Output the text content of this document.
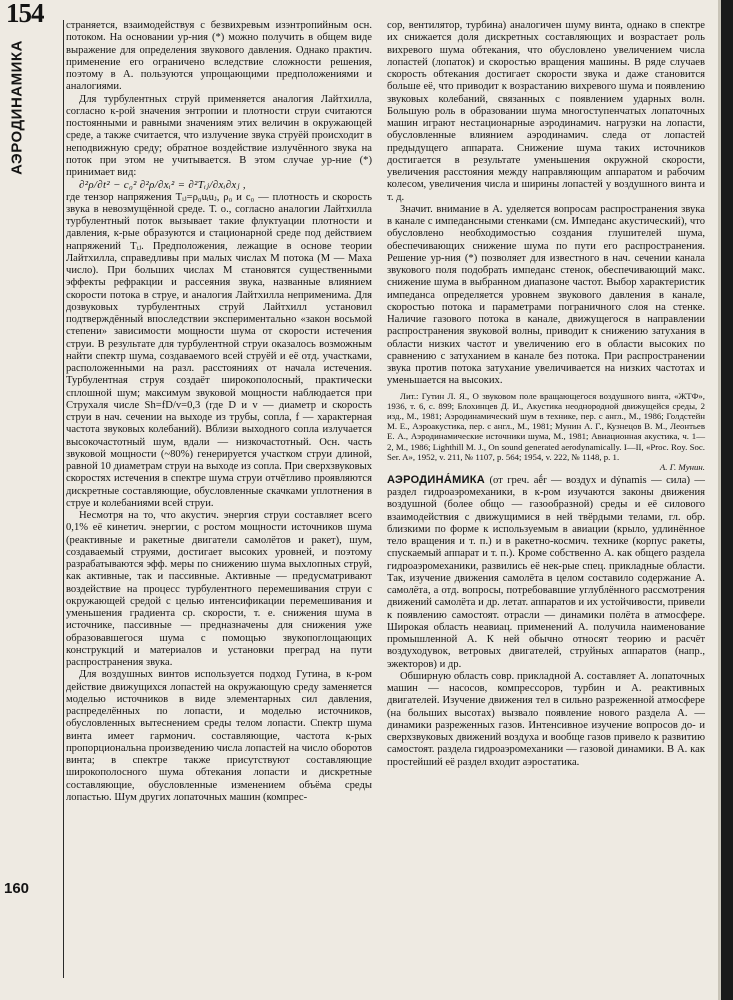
154
АЭРОДИНАМИКА
160

страняется, взаимодействуя с безвихревым изэнтропийным осн. потоком. На основании ур-ния (*) можно получить в общем виде выражение для определения звукового давления. Однако практич. применение его ограничено вследствие сложности решения, поэтому в А. пользуются упрощающими предположениями и аналогиями.

Для турбулентных струй применяется аналогия Лайтхилла, согласно к-рой значения энтропии и плотности струи считаются постоянными и равными значениям этих величин в окружающей среде, а также считается, что излучение звука струёй происходит в неподвижную среду; обратное воздействие излучённого звука на поток при этом не учитывается. В этом случае ур-ние (*) принимает вид:

∂²ρ/∂t² − c₀² ∂²ρ/∂xᵢ² = ∂²Tᵢⱼ/∂xᵢ∂xⱼ ,

где тензор напряжения Tᵢⱼ=ρ₀uᵢuⱼ, ρ₀ и c₀ — плотность и скорость звука в невозмущённой среде. Т. о., согласно аналогии Лайтхилла турбулентный поток вызывает такие флуктуации плотности и давления, к-рые образуются и стационарной среде под действием напряжений Tᵢⱼ. Предположения, лежащие в основе теории Лайтхилла, справедливы при малых числах M потока (M — Маха число). При больших числах M становятся существенными эффекты рефракции и рассеяния звука, названные влиянием скорости потока в струе, и аналогия Лайтхилла неприменима. Для дозвуковых турбулентных струй Лайтхилл установил подтверждённый впоследствии экспериментально «закон восьмой степени» зависимости мощности шума от скорости истечения струи. В результате для турбулентной струи оказалось возможным найти спектр шума, создаваемого всей струёй и её отд. участками, расположенными на разл. расстояниях от начала истечения. Турбулентная струя создаёт широкополосный, практически сплошной шум; максимум звуковой мощности наблюдается при Струхаля числе Sh=fD/v=0,3 (где D и v — диаметр и скорость струи в нач. сечении на выходе из трубы, сопла, f — характерная частота звуковых колебаний). Вблизи выходного сопла излучается высокочастотный шум, вдали — низкочастотный. Осн. часть звуковой мощности (~80%) генерируется участком струи длиной, равной 10 диаметрам струи на выходе из сопла. При сверхзвуковых скоростях истечения в спектре шума струи отчётливо проявляются дискретные составляющие, обусловленные скачками уплотнения в струе и колебаниями всей струи.

Несмотря на то, что акустич. энергия струи составляет всего 0,1% её кинетич. энергии, с ростом мощности источников шума (реактивные и ракетные двигатели самолётов и ракет), шум, создаваемый струями, достигает высоких уровней, и поэтому разрабатываются эфф. меры по снижению шума выхлопных струй, как активные, так и пассивные. Активные — предусматривают воздействие на процесс турбулентного перемешивания струи с окружающей средой с целью интенсификации перемешивания и уменьшения градиента ср. скорости, т. е. снижения шума в источнике, пассивные — предназначены для снижения уже образовавшегося шума с помощью звукопоглощающих конструкций и материалов и установки преград на пути распространения звука.

Для воздушных винтов используется подход Гутина, в к-ром действие движущихся лопастей на окружающую среду заменяется моделью источников в виде элементарных сил давления, распределённых по лопасти, и моделью источников, обусловленных вытеснением среды телом лопасти. Спектр шума винта имеет гармонич. составляющие, частота к-рых пропорциональна произведению числа лопастей на число оборотов винта; в спектре также присутствуют составляющие широкополосного шума обтекания лопасти и дискретные составляющие, обусловленные изменением объёма среды лопастью. Шум других лопаточных машин (компрес-

сор, вентилятор, турбина) аналогичен шуму винта, однако в спектре их снижается доля дискретных составляющих и возрастает роль вихревого шума обтекания, что обусловлено увеличением числа лопастей (лопаток) и скоростью вращения машины. В ряде случаев скорость обтекания достигает скорости звука и даже становится больше её, что приводит к возрастанию вихревого шума и появлению звуковых колебаний, связанных с появлением ударных волн. Большую роль в образовании шума многоступенчатых лопаточных машин играют нестационарные аэродинамич. нагрузки на лопасти, обусловленные влиянием аэродинамич. следа от лопастей предыдущего аппарата. Снижение шума таких источников достигается в результате уменьшения окружной скорости, увеличения расстояния между направляющим аппаратом и рабочим колесом, увеличения числа и ширины лопастей у воздушного винта и т. д.

Значит. внимание в А. уделяется вопросам распространения звука в канале с импедансными стенками (см. Импеданс акустический), что обусловлено необходимостью создания глушителей шума, обеспечивающих снижение шума по пути его распространения. Решение ур-ния (*) позволяет для известного в нач. сечении канала звукового поля подобрать импеданс стенок, обеспечивающий макс. снижение шума в выбранном диапазоне частот. Выбор характеристик импеданса определяется уровнем звукового давления в канале, скоростью потока и параметрами пограничного слоя на стенке. Наличие газового потока в канале, движущегося в направлении распространения звуковой волны, приводит к снижению затухания в области низких частот и увеличению его в области высоких по сравнению с затуханием в канале без потока. При распространении звука против потока затухание увеличивается на низких частотах и уменьшается на высоких.

Лит.: Гутин Л. Я., О звуковом поле вращающегося воздушного винта, «ЖТФ», 1936, т. 6, с. 899; Блохинцев Д. И., Акустика неоднородной движущейся среды, 2 изд., М., 1981; Аэродинамический шум в технике, пер. с англ., М., 1986; Голдстейн М. Е., Аэроакустика, пер. с англ., М., 1981; Мунин А. Г., Кузнецов В. М., Леонтьев Е. А., Аэродинамические источники шума, М., 1981; Авиационная акустика, ч. 1—2, М., 1986; Lighthill M. J., On sound generated aerodynamically. I—II, «Proc. Roy. Soc. Ser. A», 1952, v. 211, № 1107, p. 564; 1954, v. 222, № 1148, p. 1.

А. Г. Мунин.

АЭРОДИНА́МИКА (от греч. aḗr — воздух и dýnamis — сила) — раздел гидроаэромеханики, в к-ром изучаются законы движения воздушной (более общо — газообразной) среды и её силового взаимодействия с движущимися в ней твёрдыми телами, гл. обр. близкими по форме к используемым в авиации (крыло, удлинённое тело вращения и т. п.) и в ракетно-космич. технике (корпус ракеты, спускаемый аппарат и т. п.). Кроме собственно А. как общего раздела гидроаэромеханики, развились её нек-рые спец. прикладные области. Так, изучение движения самолёта в целом составило содержание А. самолёта, а отд. вопросы, потребовавшие углублённого рассмотрения движений самолёта и др. летат. аппаратов и их устойчивости, привели к появлению самостоят. отрасли — динамики полёта в атмосфере. Широкая область неавиац. применений А. получила наименование промышленной А. К ней обычно относят теорию и расчёт воздуходувок, ветровых двигателей, струйных аппаратов (напр., эжекторов) и др.

Обширную область совр. прикладной А. составляет А. лопаточных машин — насосов, компрессоров, турбин и А. реактивных двигателей. Изучение движения тел в сильно разреженной атмосфере (на больших высотах) вызвало появление нового раздела А. — динамики разреженных газов. Интенсивное изучение вопросов до- и сверхзвуковых движений воздуха и вообще газов привело к развитию самостоят. раздела гидроаэромеханики — газовой динамики. В А. как простейший её раздел входит аэростатика.
